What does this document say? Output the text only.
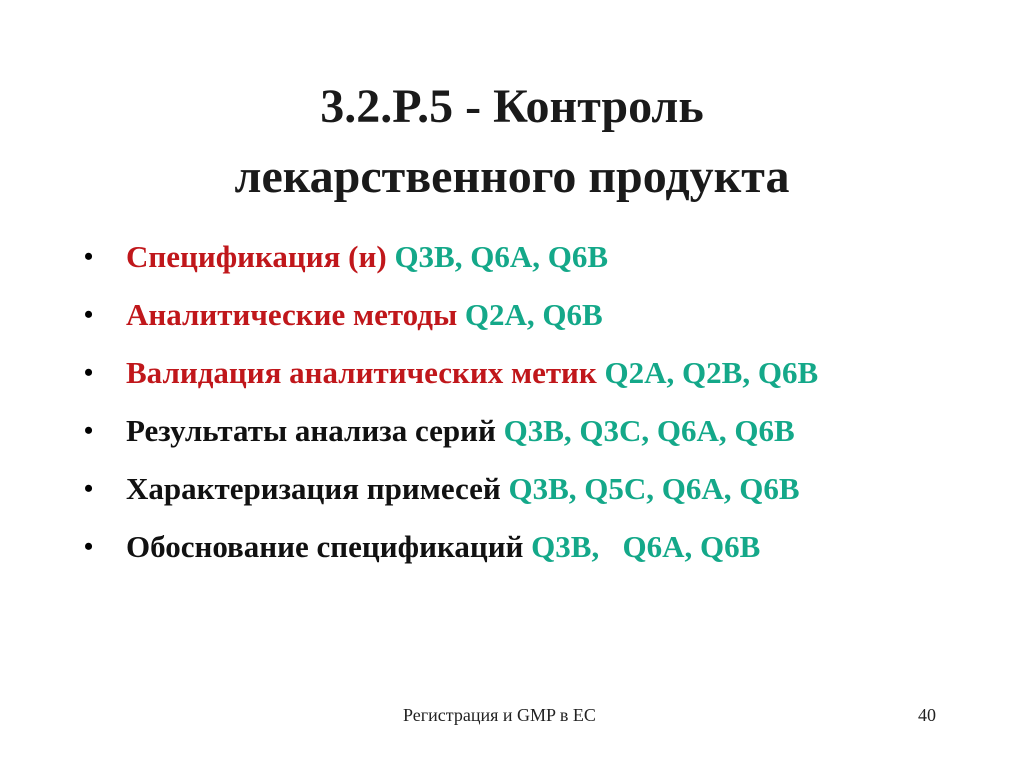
3.2.P.5 - Контроль
лекарственного продукта

•

	Спецификация (и) Q3B, Q6A, Q6B

•

	Аналитические методы Q2A, Q6B

•

	Валидация аналитических метик Q2A, Q2B, Q6B

•

	Результаты анализа серий Q3B, Q3C, Q6A, Q6B

•

	Характеризация примесей Q3B, Q5C, Q6A, Q6B

•

	Обоснование спецификаций Q3B,   Q6A, Q6B

Регистрация и GMP в ЕС	40
